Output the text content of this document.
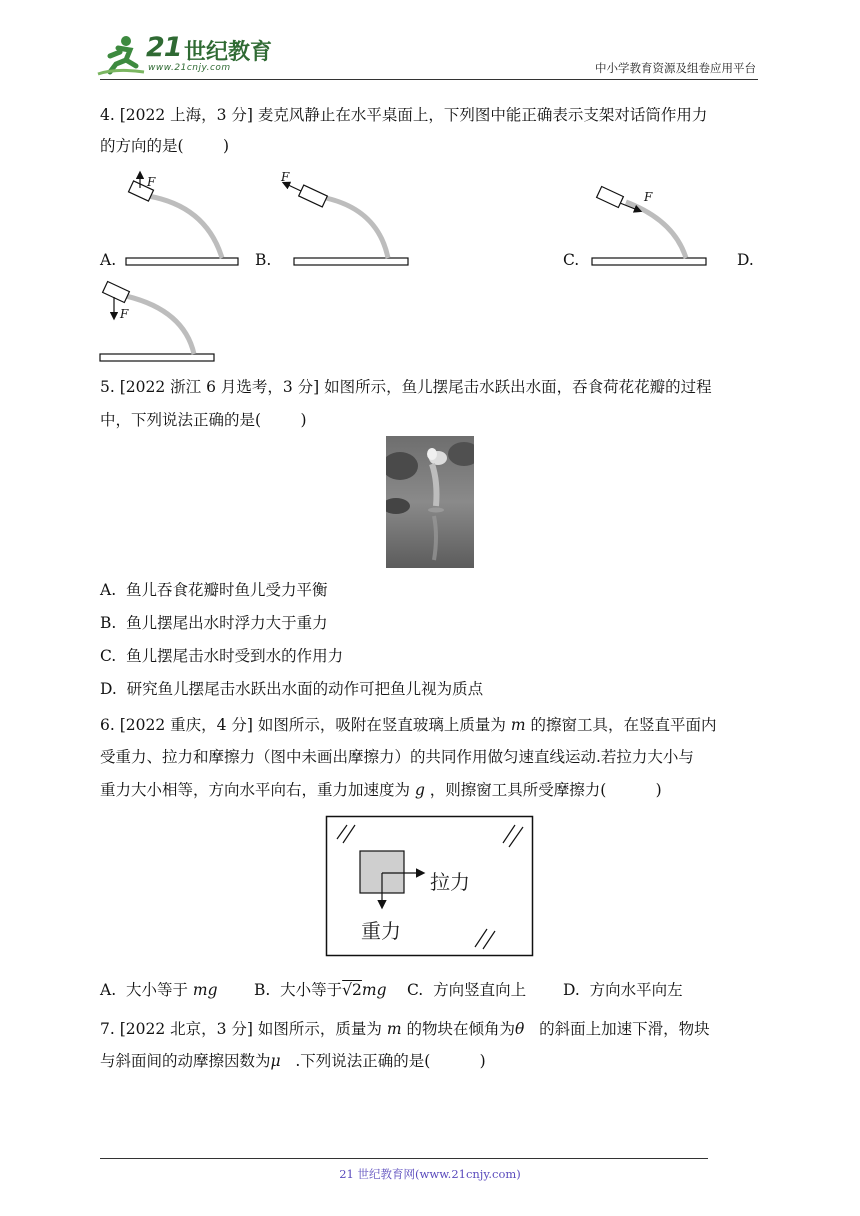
21 世纪教育
www.21cnjy.com	中小学教育资源及组卷应用平台
4. [2022 上海，3 分] 麦克风静止在水平桌面上，下列图中能正确表示支架对话筒作用力
的方向的是(        )
F	F
F
F
A.	B.	C.	D.
5. [2022 浙江 6 月选考，3 分] 如图所示，鱼儿摆尾击水跃出水面，吞食荷花花瓣的过程
中，下列说法正确的是(        )
A.  鱼儿吞食花瓣时鱼儿受力平衡
B.  鱼儿摆尾出水时浮力大于重力
C.  鱼儿摆尾击水时受到水的作用力
D.  研究鱼儿摆尾击水跃出水面的动作可把鱼儿视为质点
6. [2022 重庆，4 分] 如图所示，吸附在竖直玻璃上质量为 m 的擦窗工具，在竖直平面内
受重力、拉力和摩擦力（图中未画出摩擦力）的共同作用做匀速直线运动.若拉力大小与
重力大小相等，方向水平向右，重力加速度为 g ，则擦窗工具所受摩擦力(          )
拉力
重力
A.  大小等于 mg B.  大小等于√2mg C.  方向竖直向上 D.  方向水平向左
7. [2022 北京，3 分] 如图所示，质量为 m 的物块在倾角为θ   的斜面上加速下滑，物块
与斜面间的动摩擦因数为μ   .下列说法正确的是(          )
21 世纪教育网(www.21cnjy.com)
